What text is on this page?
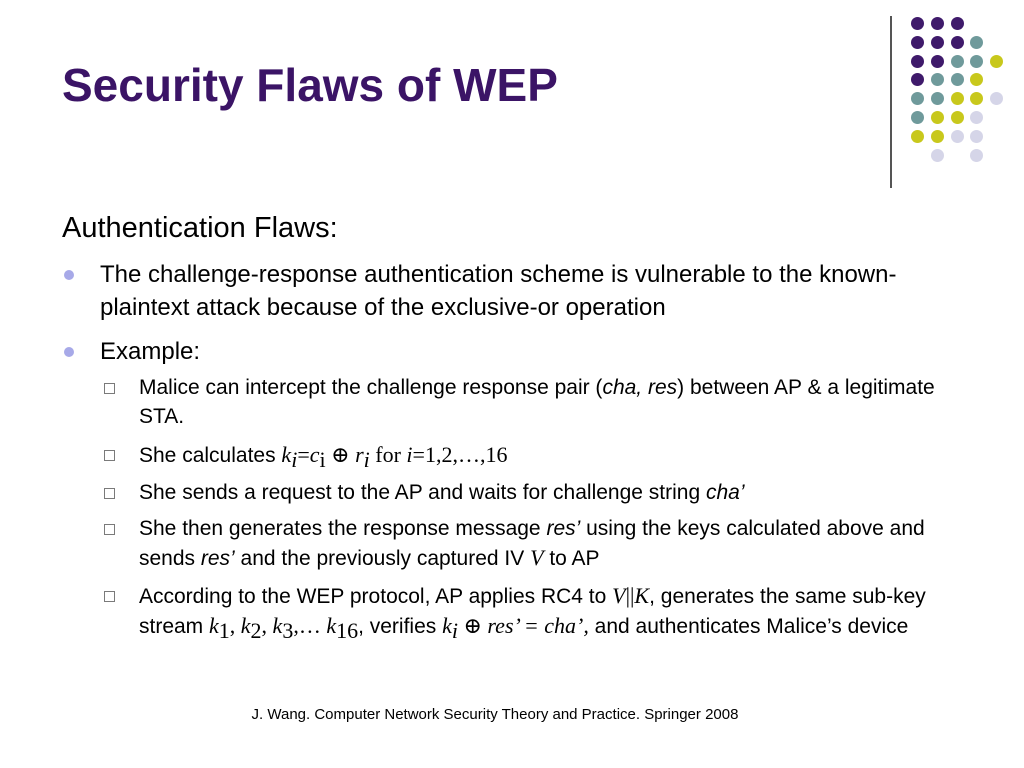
Security Flaws of WEP
Authentication Flaws:
The challenge-response authentication scheme is vulnerable to the known-plaintext attack because of the exclusive-or operation
Example:
Malice can intercept the challenge response pair (cha, res) between AP & a legitimate STA.
She calculates $k_i=c_i$ ⊕ $r_i$ for i=1,2,…,16
She sends a request to the AP and waits for challenge string cha’
She then generates the response message res’ using the keys calculated above and sends res’ and the previously captured IV V to AP
According to the WEP protocol, AP applies RC4 to V||K, generates the same sub-key stream $k_1$, $k_2$, $k_3,\dots$ $k_{16}$, verifies $k_i$ ⊕ res’ = cha’, and authenticates Malice’s device
J. Wang. Computer Network Security Theory and Practice. Springer 2008
